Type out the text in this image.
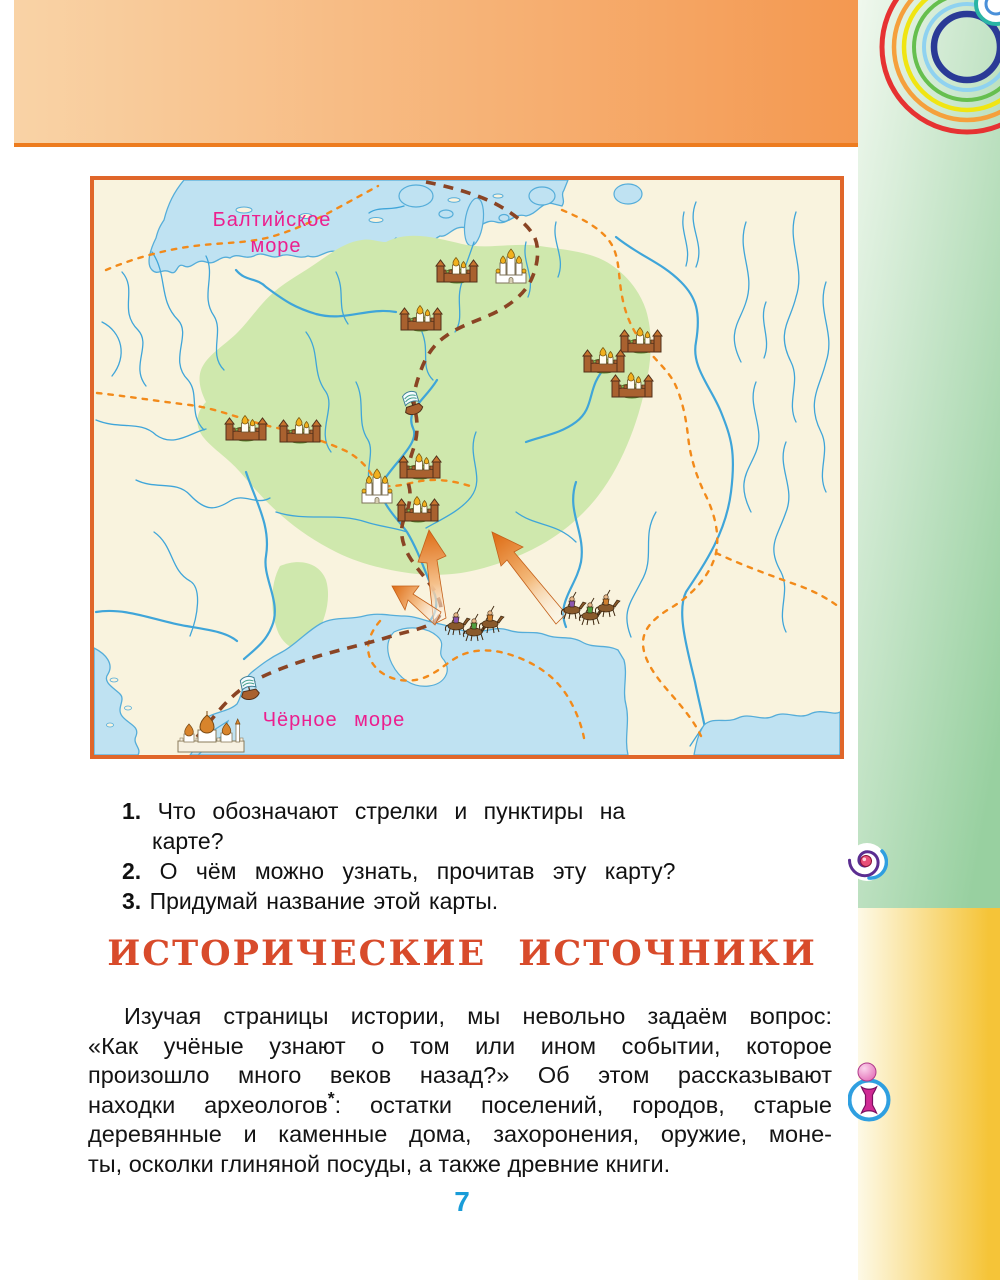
Балтийское
море
Чёрное море
1. Что обозначают стрелки и пунктиры на карте?
2. О чём можно узнать, прочитав эту карту?
3. Придумай название этой карты.
ИСТОРИЧЕСКИЕ ИСТОЧНИКИ
Изучая страницы истории, мы невольно задаём вопрос:
«Как учёные узнают о том или ином событии, которое
произошло много веков назад?» Об этом рассказывают
находки археологов*: остатки поселений, городов, старые
деревянные и каменные дома, захоронения, оружие, моне-
ты, осколки глиняной посуды, а также древние книги.
7
